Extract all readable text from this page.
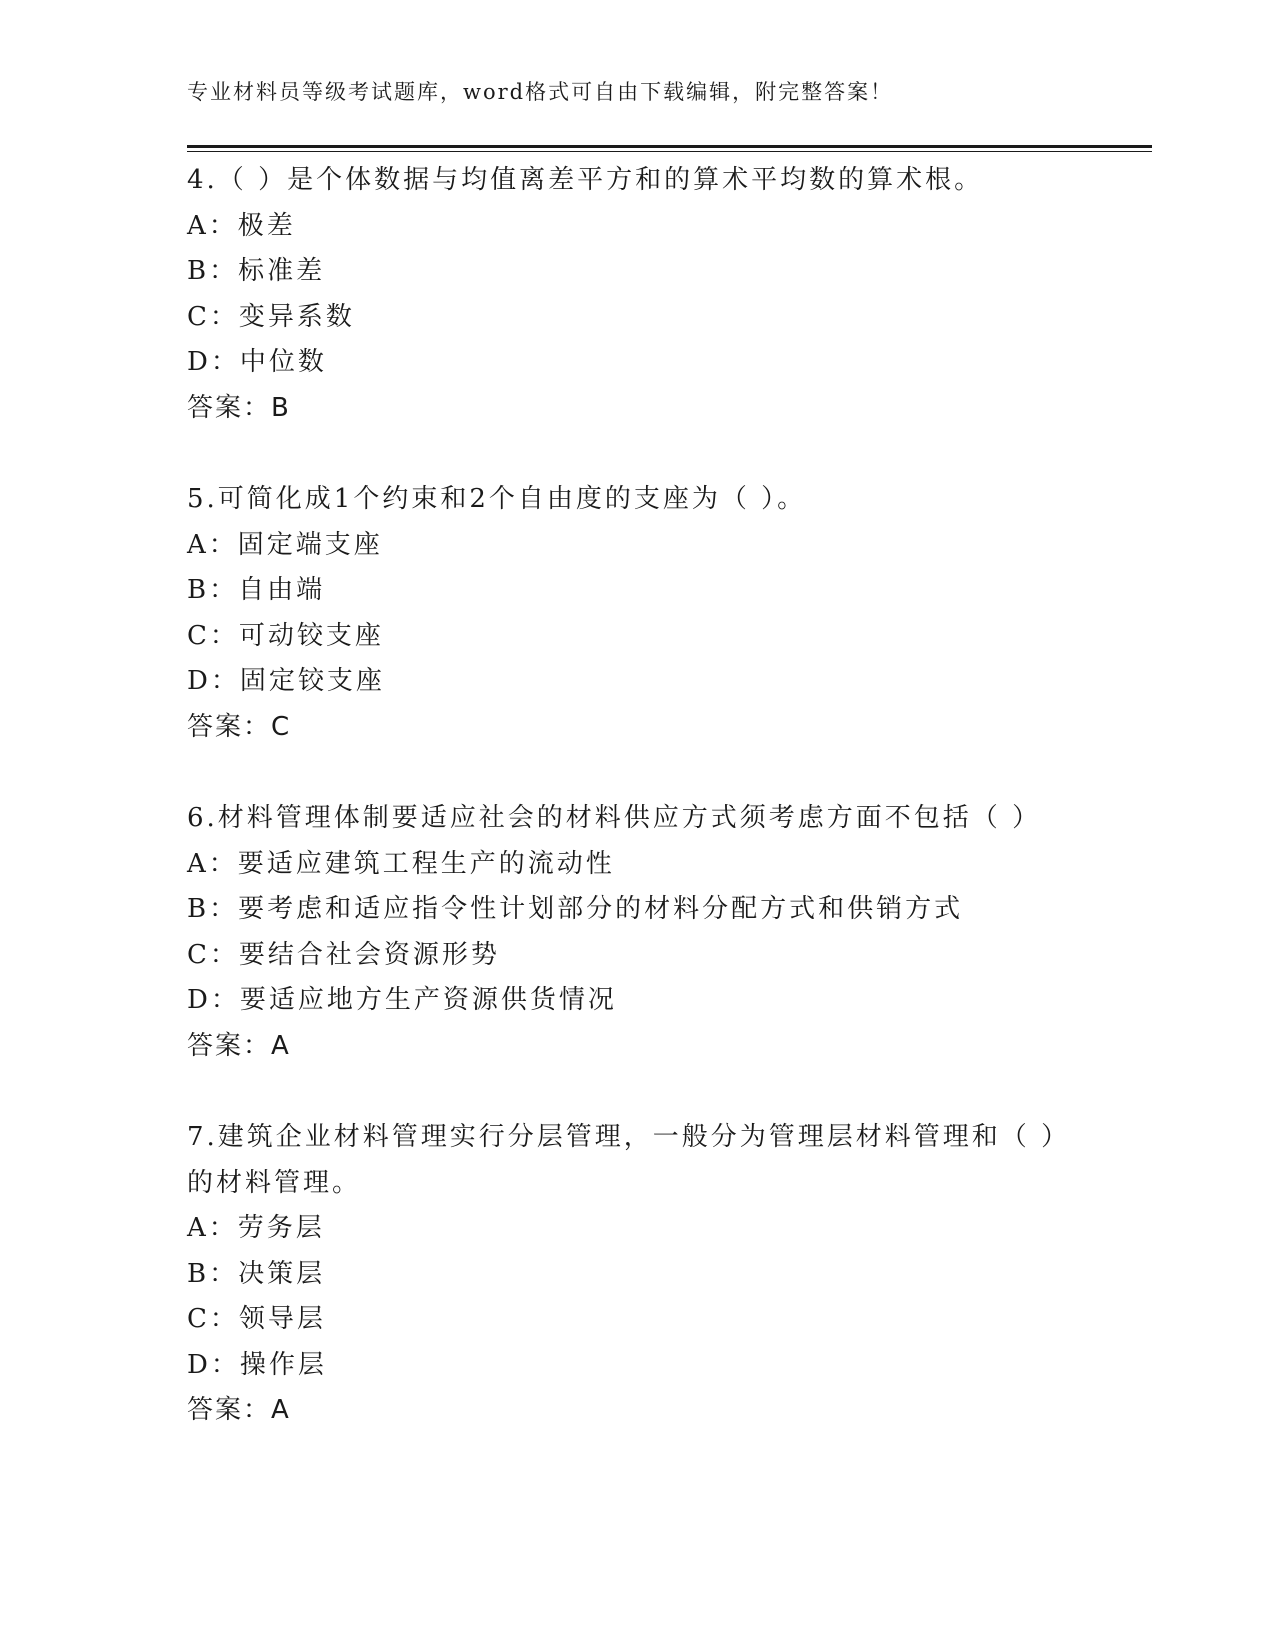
专业材料员等级考试题库，word格式可自由下载编辑，附完整答案！
4.（ ）是个体数据与均值离差平方和的算术平均数的算术根。
A：极差
B：标准差
C：变异系数
D：中位数
答案：B
5.可简化成1个约束和2个自由度的支座为（ ）。
A：固定端支座
B：自由端
C：可动铰支座
D：固定铰支座
答案：C
6.材料管理体制要适应社会的材料供应方式须考虑方面不包括（ ）
A：要适应建筑工程生产的流动性
B：要考虑和适应指令性计划部分的材料分配方式和供销方式
C：要结合社会资源形势
D：要适应地方生产资源供货情况
答案：A
7.建筑企业材料管理实行分层管理，一般分为管理层材料管理和（ ）
的材料管理。
A：劳务层
B：决策层
C：领导层
D：操作层
答案：A
